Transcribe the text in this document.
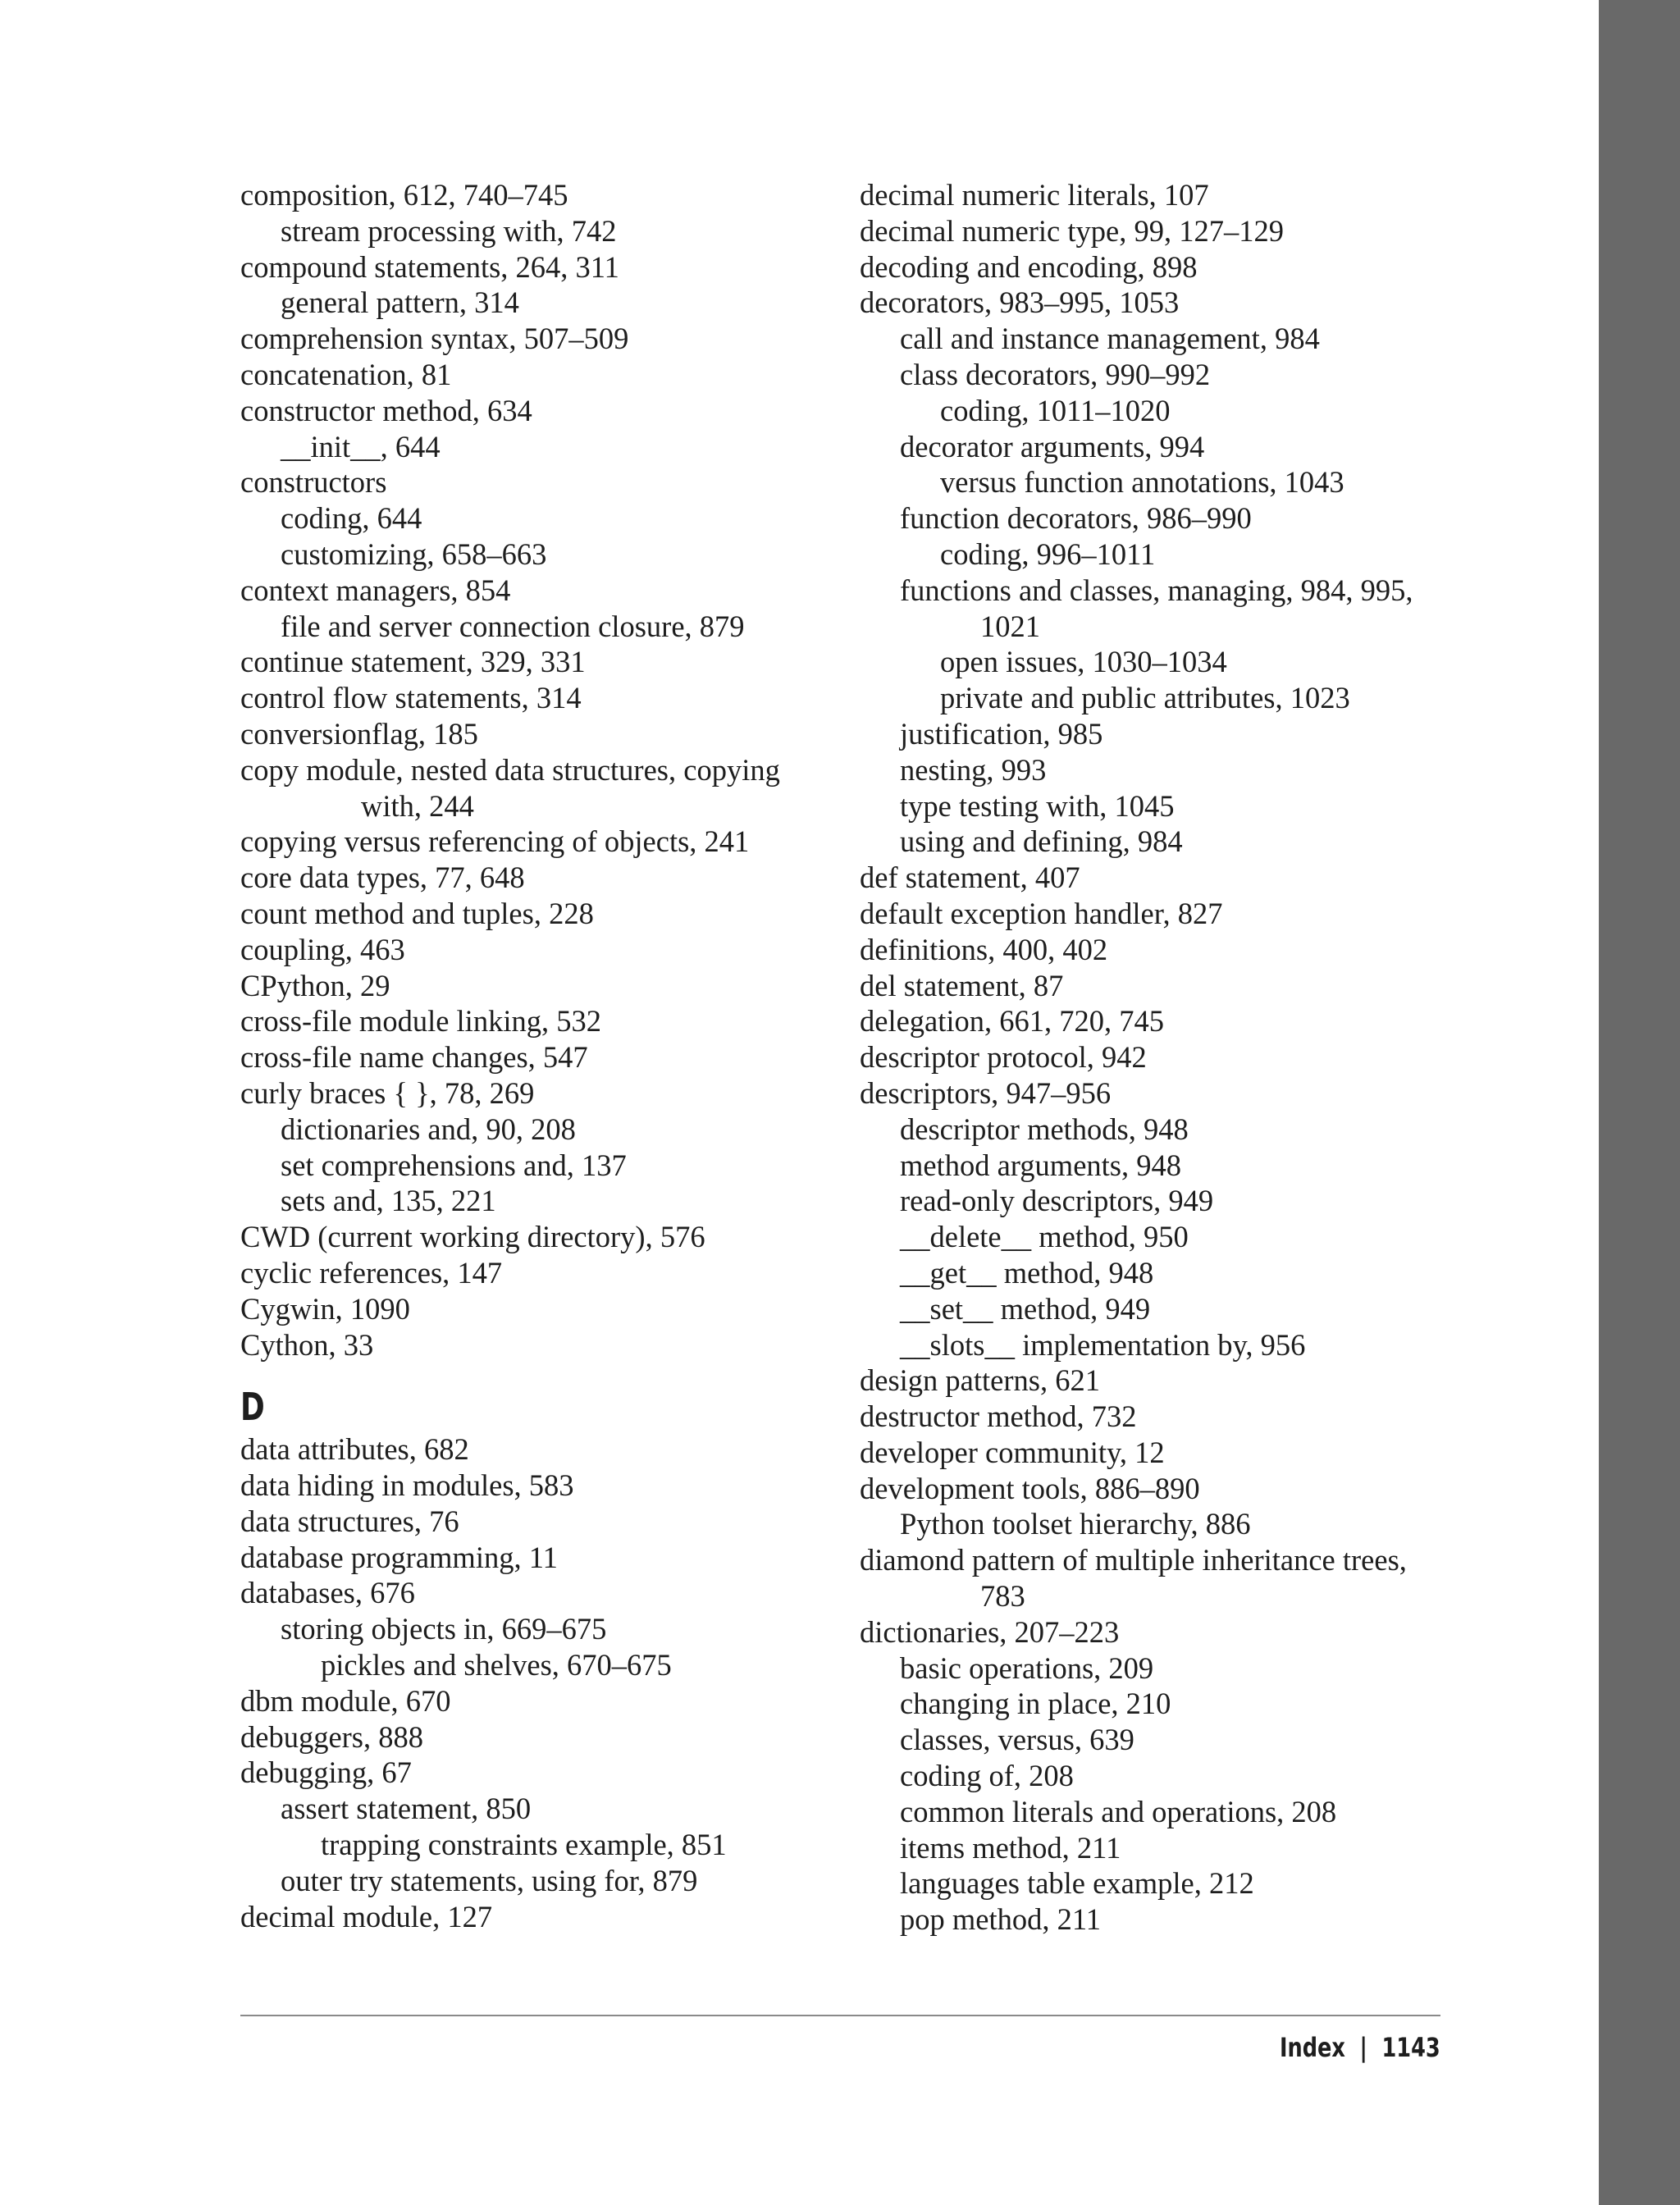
composition, 612, 740–745
stream processing with, 742
compound statements, 264, 311
general pattern, 314
comprehension syntax, 507–509
concatenation, 81
constructor method, 634
__init__, 644
constructors
coding, 644
customizing, 658–663
context managers, 854
file and server connection closure, 879
continue statement, 329, 331
control flow statements, 314
conversionflag, 185
copy module, nested data structures, copying
with, 244
copying versus referencing of objects, 241
core data types, 77, 648
count method and tuples, 228
coupling, 463
CPython, 29
cross-file module linking, 532
cross-file name changes, 547
curly braces { }, 78, 269
dictionaries and, 90, 208
set comprehensions and, 137
sets and, 135, 221
CWD (current working directory), 576
cyclic references, 147
Cygwin, 1090
Cython, 33
D
data attributes, 682
data hiding in modules, 583
data structures, 76
database programming, 11
databases, 676
storing objects in, 669–675
pickles and shelves, 670–675
dbm module, 670
debuggers, 888
debugging, 67
assert statement, 850
trapping constraints example, 851
outer try statements, using for, 879
decimal module, 127
decimal numeric literals, 107
decimal numeric type, 99, 127–129
decoding and encoding, 898
decorators, 983–995, 1053
call and instance management, 984
class decorators, 990–992
coding, 1011–1020
decorator arguments, 994
versus function annotations, 1043
function decorators, 986–990
coding, 996–1011
functions and classes, managing, 984, 995,
1021
open issues, 1030–1034
private and public attributes, 1023
justification, 985
nesting, 993
type testing with, 1045
using and defining, 984
def statement, 407
default exception handler, 827
definitions, 400, 402
del statement, 87
delegation, 661, 720, 745
descriptor protocol, 942
descriptors, 947–956
descriptor methods, 948
method arguments, 948
read-only descriptors, 949
__delete__ method, 950
__get__ method, 948
__set__ method, 949
__slots__ implementation by, 956
design patterns, 621
destructor method, 732
developer community, 12
development tools, 886–890
Python toolset hierarchy, 886
diamond pattern of multiple inheritance trees,
783
dictionaries, 207–223
basic operations, 209
changing in place, 210
classes, versus, 639
coding of, 208
common literals and operations, 208
items method, 211
languages table example, 212
pop method, 211
Index | 1143
